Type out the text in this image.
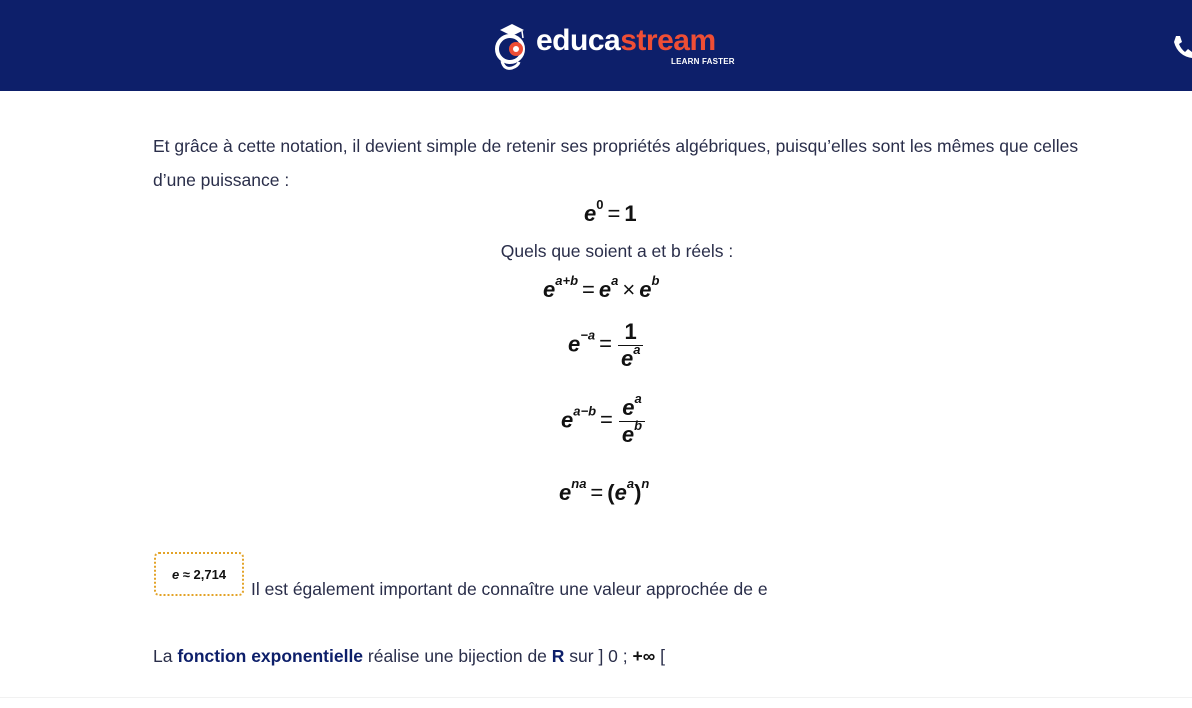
educastream
LEARN FASTER

Et grâce à cette notation, il devient simple de retenir ses propriétés algébriques, puisqu’elles sont les mêmes que celles d’une puissance :

$e^0 = 1$
Quels que soient a et b réels :
$e^{a+b} = e^a \times e^b$
$e^{-a} = \frac{1}{e^a}$
$e^{a-b} = \frac{e^a}{e^b}$
$e^{na} = (e^a)^n$
e ≈ 2,714
Il est également important de connaître une valeur approchée de e
La fonction exponentielle réalise une bijection de R sur ] 0 ; +∞ [
